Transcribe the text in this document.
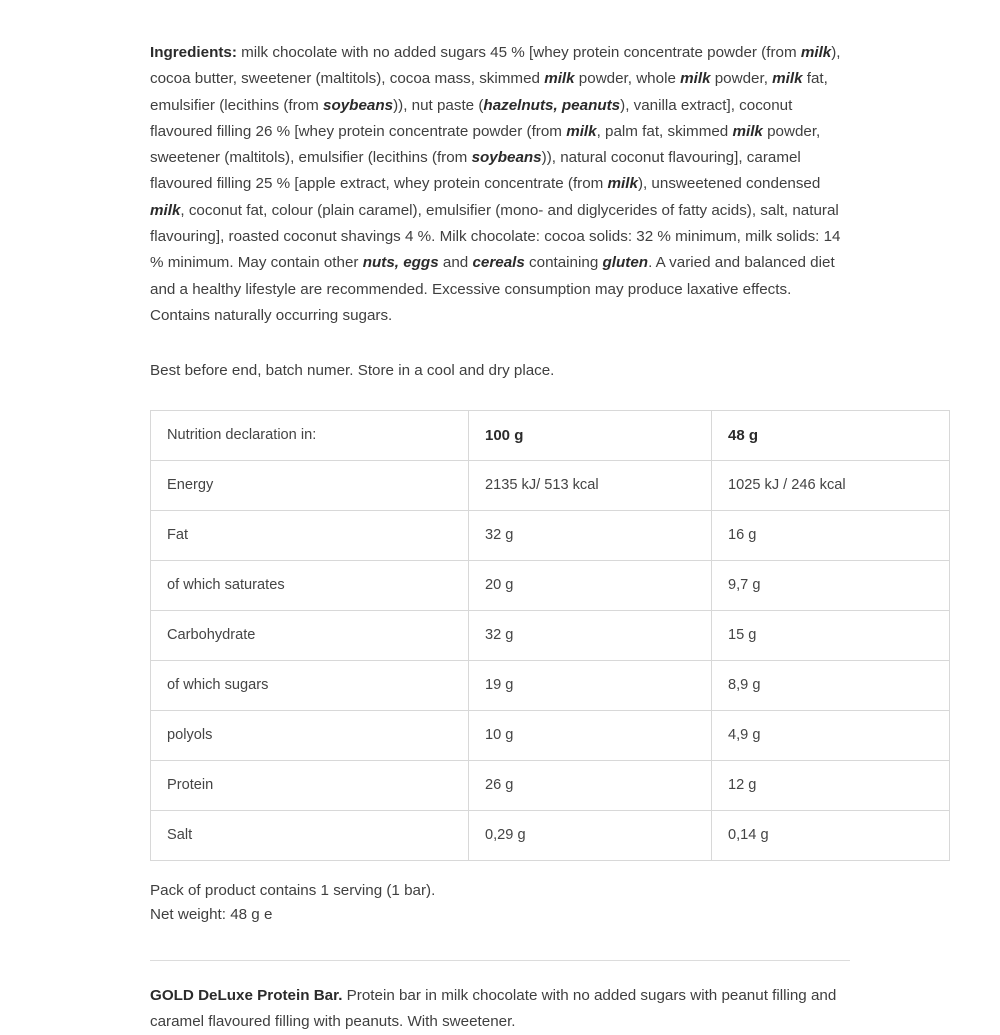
Ingredients: milk chocolate with no added sugars 45 % [whey protein concentrate powder (from milk), cocoa butter, sweetener (maltitols), cocoa mass, skimmed milk powder, whole milk powder, milk fat, emulsifier (lecithins (from soybeans)), nut paste (hazelnuts, peanuts), vanilla extract], coconut flavoured filling 26 % [whey protein concentrate powder (from milk, palm fat, skimmed milk powder, sweetener (maltitols), emulsifier (lecithins (from soybeans)), natural coconut flavouring], caramel flavoured filling 25 % [apple extract, whey protein concentrate (from milk), unsweetened condensed milk, coconut fat, colour (plain caramel), emulsifier (mono- and diglycerides of fatty acids), salt, natural flavouring], roasted coconut shavings 4 %. Milk chocolate: cocoa solids: 32 % minimum, milk solids: 14 % minimum. May contain other nuts, eggs and cereals containing gluten. A varied and balanced diet and a healthy lifestyle are recommended. Excessive consumption may produce laxative effects. Contains naturally occurring sugars.

Best before end, batch numer. Store in a cool and dry place.

Nutrition declaration in:	100 g	48 g
Energy	2135 kJ/ 513 kcal	1025 kJ / 246 kcal
Fat	32 g	16 g
of which saturates	20 g	9,7 g
Carbohydrate	32 g	15 g
of which sugars	19 g	8,9 g
polyols	10 g	4,9 g
Protein	26 g	12 g
Salt	0,29 g	0,14 g
Pack of product contains 1 serving (1 bar).
Net weight: 48 g e

GOLD DeLuxe Protein Bar. Protein bar in milk chocolate with no added sugars with peanut filling and caramel flavoured filling with peanuts. With sweetener.
